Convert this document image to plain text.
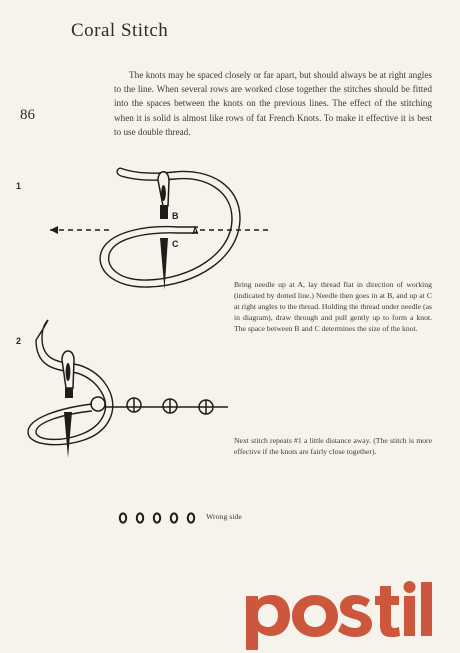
Coral Stitch
86

The knots may be spaced closely or far apart, but should always be at right angles to the line. When several rows are worked close together the stitches should be fitted into the spaces between the knots on the previous lines. The effect of the stitching when it is solid is almost like rows of fat French Knots. To make it effective it is best to use double thread.

1
2
B
A
C

Bring needle up at A, lay thread flat in direction of working (indicated by dotted line.) Needle then goes in at B, and up at C at right angles to the thread. Holding the thread under needle (as in diagram), draw through and pull gently up to form a knot. The space between B and C determines the size of the knot.

Next stitch repeats #1 a little distance away. (The stitch is more effective if the knots are fairly close together).

Wrong side
